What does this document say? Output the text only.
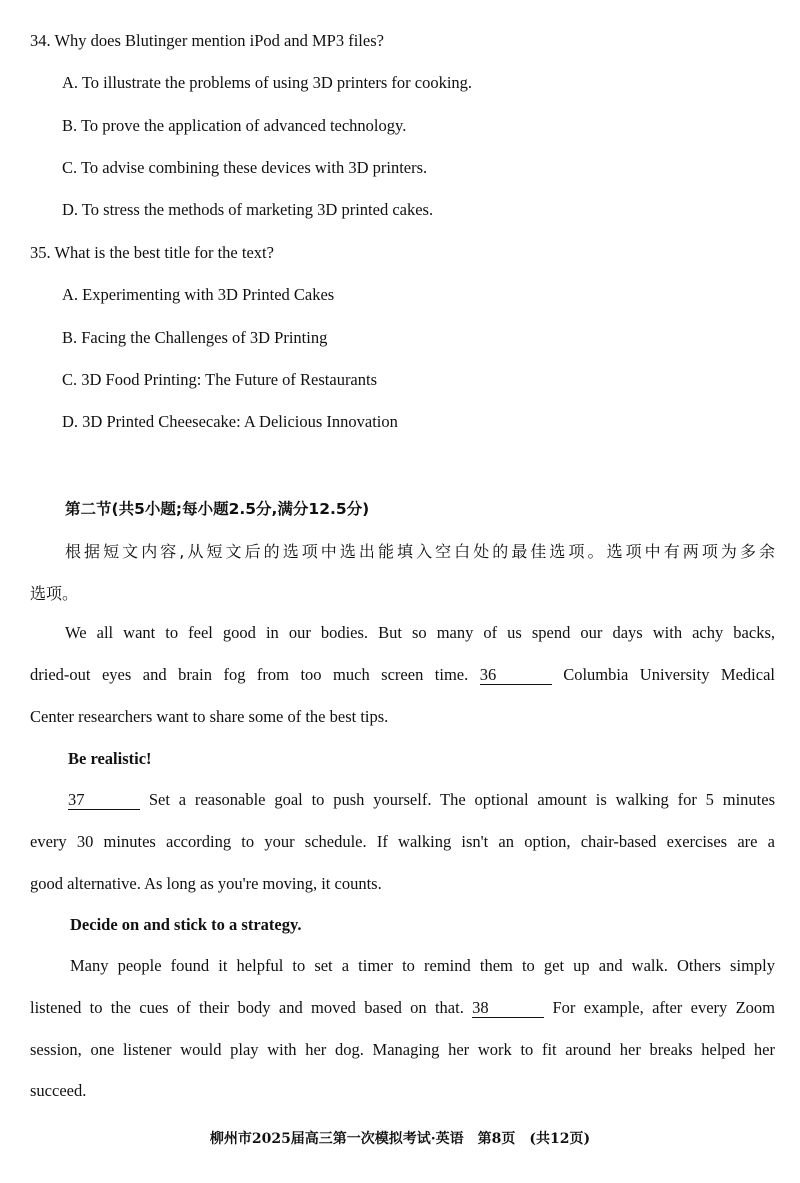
34. Why does Blutinger mention iPod and MP3 files?
A. To illustrate the problems of using 3D printers for cooking.
B. To prove the application of advanced technology.
C. To advise combining these devices with 3D printers.
D. To stress the methods of marketing 3D printed cakes.
35. What is the best title for the text?
A. Experimenting with 3D Printed Cakes
B. Facing the Challenges of 3D Printing
C. 3D Food Printing: The Future of Restaurants
D. 3D Printed Cheesecake: A Delicious Innovation
第二节(共5小题;每小题2.5分,满分12.5分)
根据短文内容,从短文后的选项中选出能填入空白处的最佳选项。选项中有两项为多余
选项。
We all want to feel good in our bodies. But so many of us spend our days with achy backs,
dried-out eyes and brain fog from too much screen time. 36	Columbia University Medical
Center researchers want to share some of the best tips.
Be realistic!
37	Set a reasonable goal to push yourself. The optional amount is walking for 5 minutes
every 30 minutes according to your schedule. If walking isn't an option, chair-based exercises are a
good alternative. As long as you're moving, it counts.
Decide on and stick to a strategy.
Many people found it helpful to set a timer to remind them to get up and walk. Others simply
listened to the cues of their body and moved based on that. 38	For example, after every Zoom
session, one listener would play with her dog. Managing her work to fit around her breaks helped her
succeed.
柳州市2025届高三第一次模拟考试·英语　第8页　(共12页)
